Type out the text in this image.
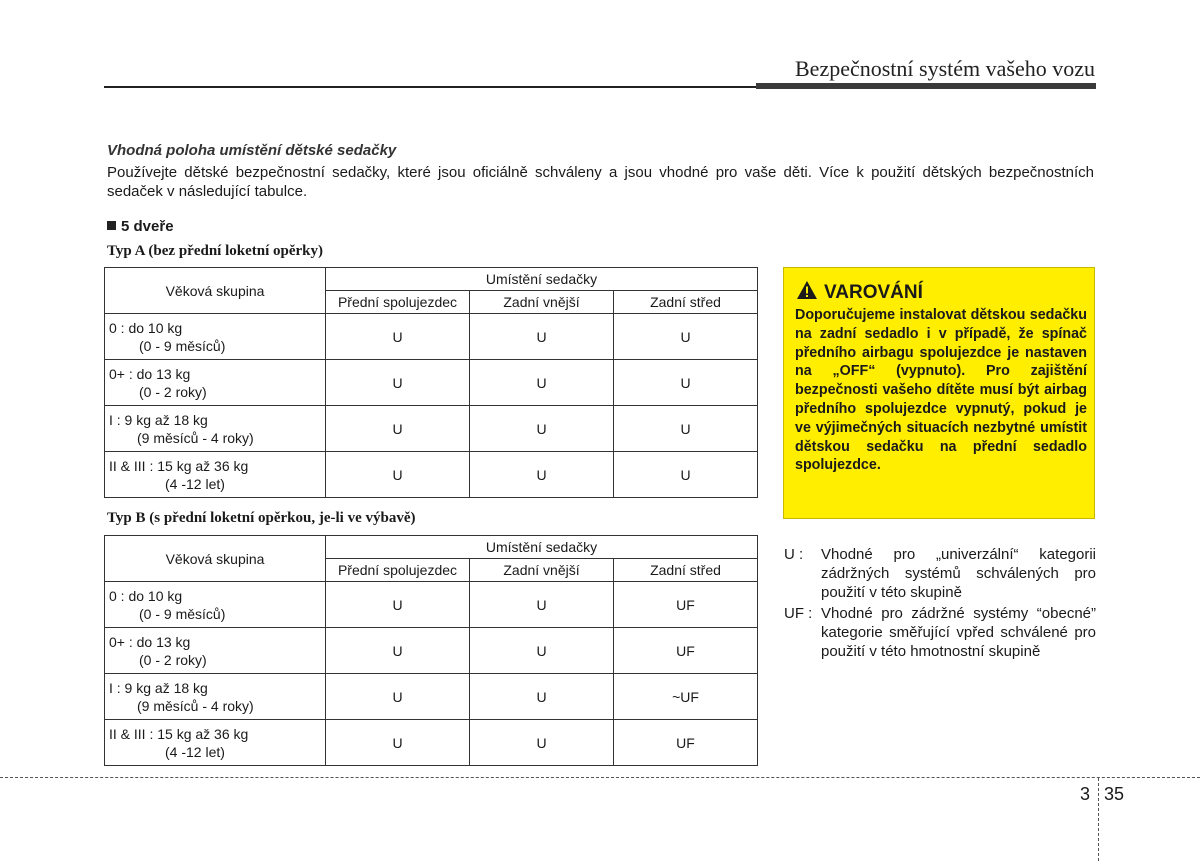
Bezpečnostní systém vašeho vozu
Vhodná poloha umístění dětské sedačky
Používejte dětské bezpečnostní sedačky, které jsou oficiálně schváleny a jsou vhodné pro vaše děti. Více k použití dětských bezpečnostních sedaček v následující tabulce.
5 dveře
Typ A (bez přední loketní opěrky)
Věková skupina	Umístění sedačky		
	Přední spolujezdec	Zadní vnější	Zadní střed
0 : do 10 kg
(0 - 9 měsíců)	U	U	U
0+ : do 13 kg
(0 - 2 roky)	U	U	U
I : 9 kg až 18 kg
(9 měsíců - 4 roky)	U	U	U
II & III : 15 kg až 36 kg
(4 -12 let)	U	U	U
Typ B (s přední loketní opěrkou, je-li ve výbavě)
Věková skupina	Umístění sedačky		
	Přední spolujezdec	Zadní vnější	Zadní střed
0 : do 10 kg
(0 - 9 měsíců)	U	U	UF
0+ : do 13 kg
(0 - 2 roky)	U	U	UF
I : 9 kg až 18 kg
(9 měsíců - 4 roky)	U	U	~UF
II & III : 15 kg až 36 kg
(4 -12 let)	U	U	UF
VAROVÁNÍ
Doporučujeme instalovat dětskou sedačku na zadní sedadlo i v případě, že spínač předního airbagu spolujezdce je nastaven na „OFF“ (vypnuto). Pro zajištění bezpečnosti vašeho dítěte musí být airbag předního spolujezdce vypnutý, pokud je ve výjimečných situacích nezbytné umístit dětskou sedačku na přední sedadlo spolujezdce.
U : Vhodné pro „univerzální“ kategorii zádržných systémů schválených pro použití v této skupině
UF : Vhodné pro zádržné systémy “obecné” kategorie směřující vpřed schválené pro použití v této hmotnostní skupině
3 35
